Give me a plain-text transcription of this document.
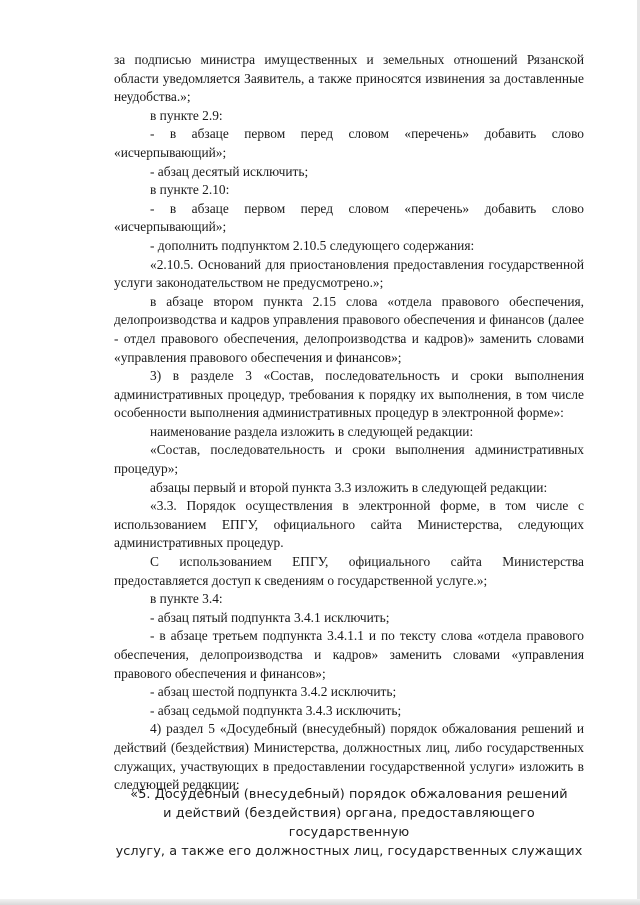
за подписью министра имущественных и земельных отношений Рязанской области уведомляется Заявитель, а также приносятся извинения за доставленные неудобства.»;

в пункте 2.9:

- в абзаце первом перед словом «перечень» добавить слово «исчерпывающий»;

- абзац десятый исключить;

в пункте 2.10:

- в абзаце первом перед словом «перечень» добавить слово «исчерпывающий»;

- дополнить подпунктом 2.10.5 следующего содержания:

«2.10.5. Оснований для приостановления предоставления государственной услуги законодательством не предусмотрено.»;

в абзаце втором пункта 2.15 слова «отдела правового обеспечения, делопроизводства и кадров управления правового обеспечения и финансов (далее - отдел правового обеспечения, делопроизводства и кадров)» заменить словами «управления правового обеспечения и финансов»;

3) в разделе 3 «Состав, последовательность и сроки выполнения административных процедур, требования к порядку их выполнения, в том числе особенности выполнения административных процедур в электронной форме»:

наименование раздела изложить в следующей редакции:

«Состав, последовательность и сроки выполнения административных процедур»;

абзацы первый и второй пункта 3.3 изложить в следующей редакции:

«3.3. Порядок осуществления в электронной форме, в том числе с использованием ЕПГУ, официального сайта Министерства, следующих административных процедур.

С использованием ЕПГУ, официального сайта Министерства предоставляется доступ к сведениям о государственной услуге.»;

в пункте 3.4:

- абзац пятый подпункта 3.4.1 исключить;

- в абзаце третьем подпункта 3.4.1.1 и по тексту слова «отдела правового обеспечения, делопроизводства и кадров» заменить словами «управления правового обеспечения и финансов»;

- абзац шестой подпункта 3.4.2 исключить;

- абзац седьмой подпункта 3.4.3 исключить;

4) раздел 5 «Досудебный (внесудебный) порядок обжалования решений и действий (бездействия) Министерства, должностных лиц, либо государственных служащих, участвующих в предоставлении государственной услуги» изложить в следующей редакции:

«5. Досудебный (внесудебный) порядок обжалования решений

и действий (бездействия) органа, предоставляющего государственную

услугу, а также его должностных лиц, государственных служащих
